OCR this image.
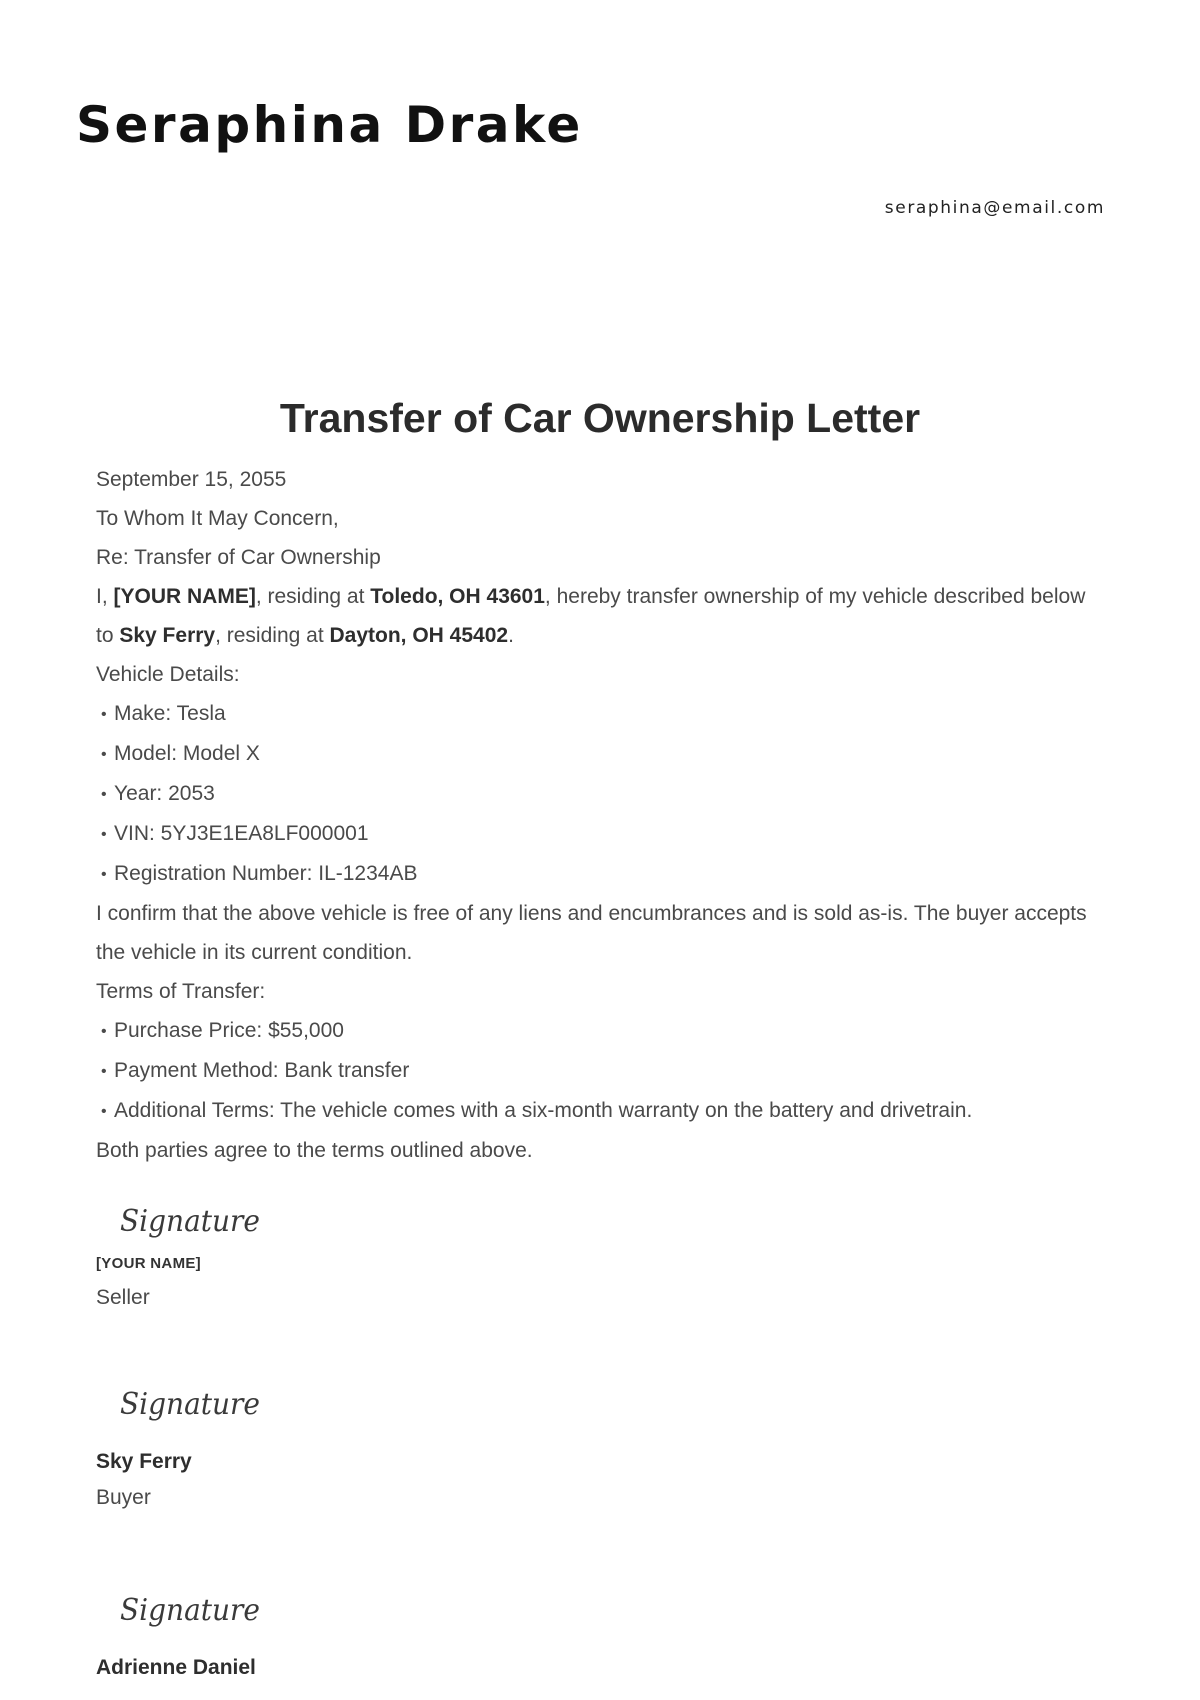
Seraphina Drake
seraphina@email.com
Transfer of Car Ownership Letter

September 15, 2055

To Whom It May Concern,

Re: Transfer of Car Ownership

I, [YOUR NAME], residing at Toledo, OH 43601, hereby transfer ownership of my vehicle described below to Sky Ferry, residing at Dayton, OH 45402.

Vehicle Details:

• Make: Tesla
• Model: Model X
• Year: 2053
• VIN: 5YJ3E1EA8LF000001
• Registration Number: IL-1234AB

I confirm that the above vehicle is free of any liens and encumbrances and is sold as-is. The buyer accepts the vehicle in its current condition.

Terms of Transfer:

• Purchase Price: $55,000
• Payment Method: Bank transfer
• Additional Terms: The vehicle comes with a six-month warranty on the battery and drivetrain.

Both parties agree to the terms outlined above.

Signature
[YOUR NAME]
Seller
Signature
Sky Ferry
Buyer
Signature
Adrienne Daniel
